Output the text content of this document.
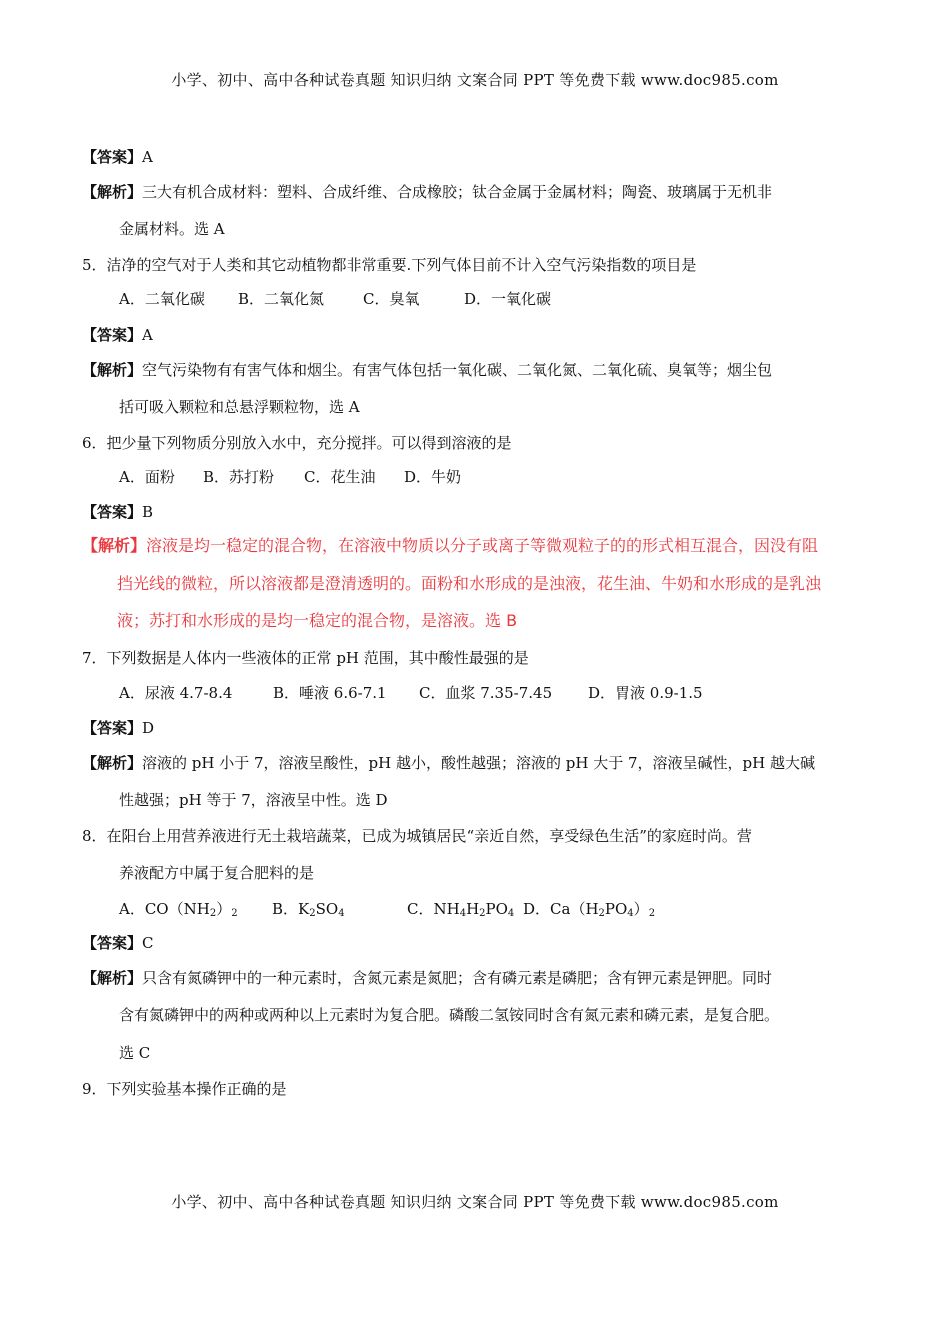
小学、初中、高中各种试卷真题 知识归纳 文案合同 PPT 等免费下载 www.doc985.com
【答案】A
【解析】三大有机合成材料：塑料、合成纤维、合成橡胶；钛合金属于金属材料；陶瓷、玻璃属于无机非
金属材料。选 A
5．洁净的空气对于人类和其它动植物都非常重要.下列气体目前不计入空气污染指数的项目是
A．二氧化碳 B．二氧化氮	C．臭氧	D．一氧化碳
【答案】A
【解析】空气污染物有有害气体和烟尘。有害气体包括一氧化碳、二氧化氮、二氧化硫、臭氧等；烟尘包
括可吸入颗粒和总悬浮颗粒物，选 A
6．把少量下列物质分别放入水中，充分搅拌。可以得到溶液的是
A．面粉 B．苏打粉 C．花生油 D．牛奶
【答案】B
【解析】溶液是均一稳定的混合物，在溶液中物质以分子或离子等微观粒子的的形式相互混合，因没有阻
挡光线的微粒，所以溶液都是澄清透明的。面粉和水形成的是浊液，花生油、牛奶和水形成的是乳浊
液；苏打和水形成的是均一稳定的混合物，是溶液。选 B
7．下列数据是人体内一些液体的正常 pH 范围，其中酸性最强的是
A．尿液 4.7-8.4	B．唾液 6.6-7.1 C．血浆 7.35-7.45 D．胃液 0.9-1.5
【答案】D
【解析】溶液的 pH 小于 7，溶液呈酸性，pH 越小，酸性越强；溶液的 pH 大于 7，溶液呈碱性，pH 越大碱
性越强；pH 等于 7，溶液呈中性。选 D
8．在阳台上用营养液进行无土栽培蔬菜，已成为城镇居民“亲近自然，享受绿色生活”的家庭时尚。营
养液配方中属于复合肥料的是
A．$CO(NH_2)_2$ B．$K_2SO_4$	C．$NH_4H_2PO_4$ D．$Ca(H_2PO_4)_2$
【答案】C
【解析】只含有氮磷钾中的一种元素时，含氮元素是氮肥；含有磷元素是磷肥；含有钾元素是钾肥。同时
含有氮磷钾中的两种或两种以上元素时为复合肥。磷酸二氢铵同时含有氮元素和磷元素，是复合肥。
选 C
9．下列实验基本操作正确的是
小学、初中、高中各种试卷真题 知识归纳 文案合同 PPT 等免费下载 www.doc985.com
